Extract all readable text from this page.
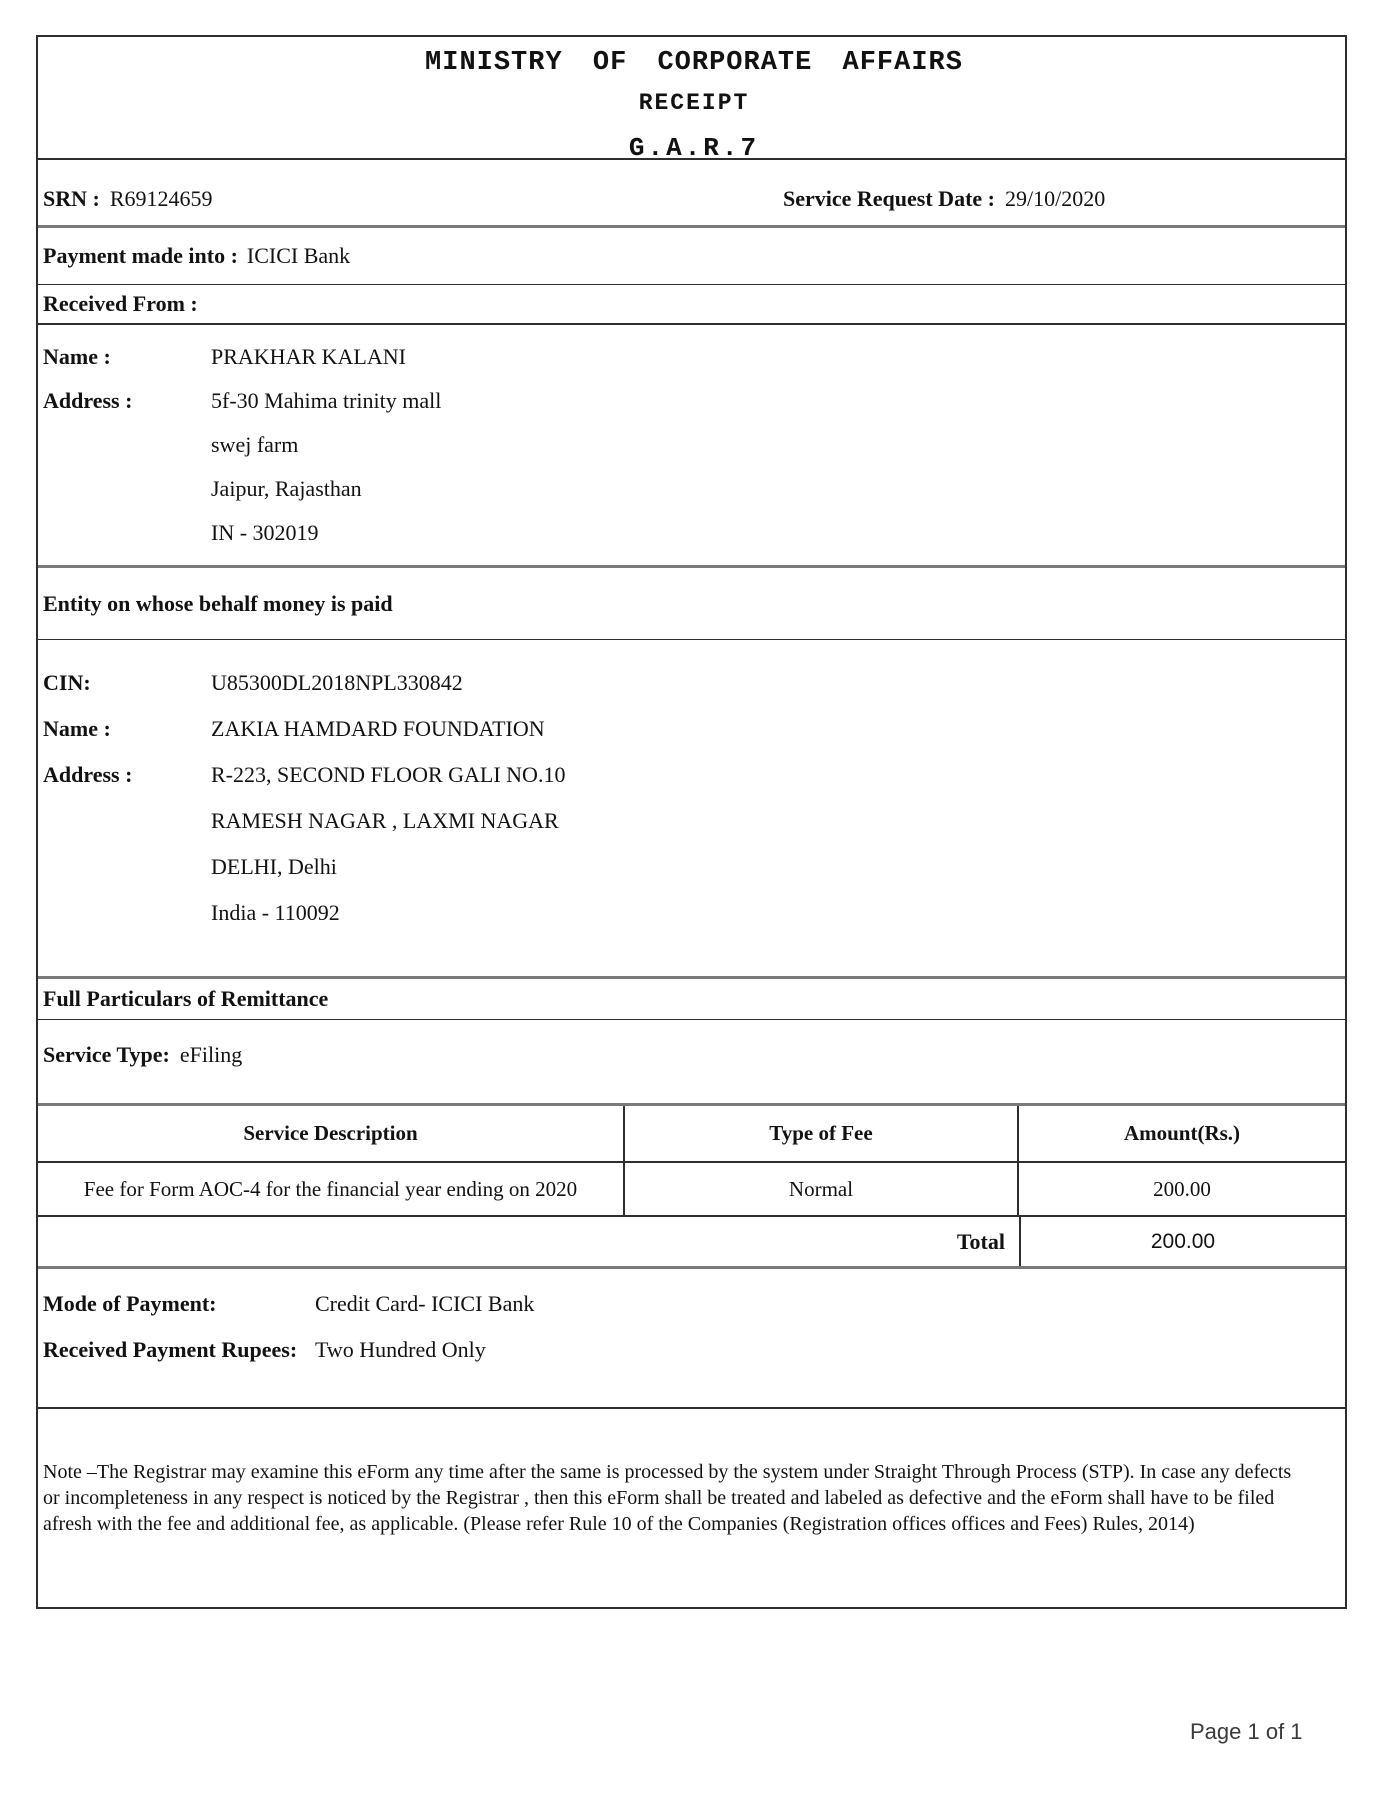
MINISTRY OF CORPORATE AFFAIRS
RECEIPT
G.A.R.7
SRN : R69124659	Service Request Date : 29/10/2020
Payment made into : ICICI Bank
Received From :
Name :	PRAKHAR KALANI
Address :	5f-30 Mahima trinity mall
swej farm
Jaipur, Rajasthan
IN - 302019
Entity on whose behalf money is paid
CIN:	U85300DL2018NPL330842
Name :	ZAKIA HAMDARD FOUNDATION
Address :	R-223, SECOND FLOOR GALI NO.10
RAMESH NAGAR , LAXMI NAGAR
DELHI, Delhi
India - 110092
Full Particulars of Remittance
Service Type: eFiling
Service Description	Type of Fee	Amount(Rs.)
Fee for Form AOC-4 for the financial year ending on 2020	Normal	200.00
Total	200.00
Mode of Payment:	Credit Card- ICICI Bank
Received Payment Rupees: Two Hundred Only
Note –The Registrar may examine this eForm any time after the same is processed by the system under Straight Through Process (STP). In case any defects or incompleteness in any respect is noticed by the Registrar , then this eForm shall be treated and labeled as defective and the eForm shall have to be filed afresh with the fee and additional fee, as applicable. (Please refer Rule 10 of the Companies (Registration offices offices and Fees) Rules, 2014)
Page 1 of 1
